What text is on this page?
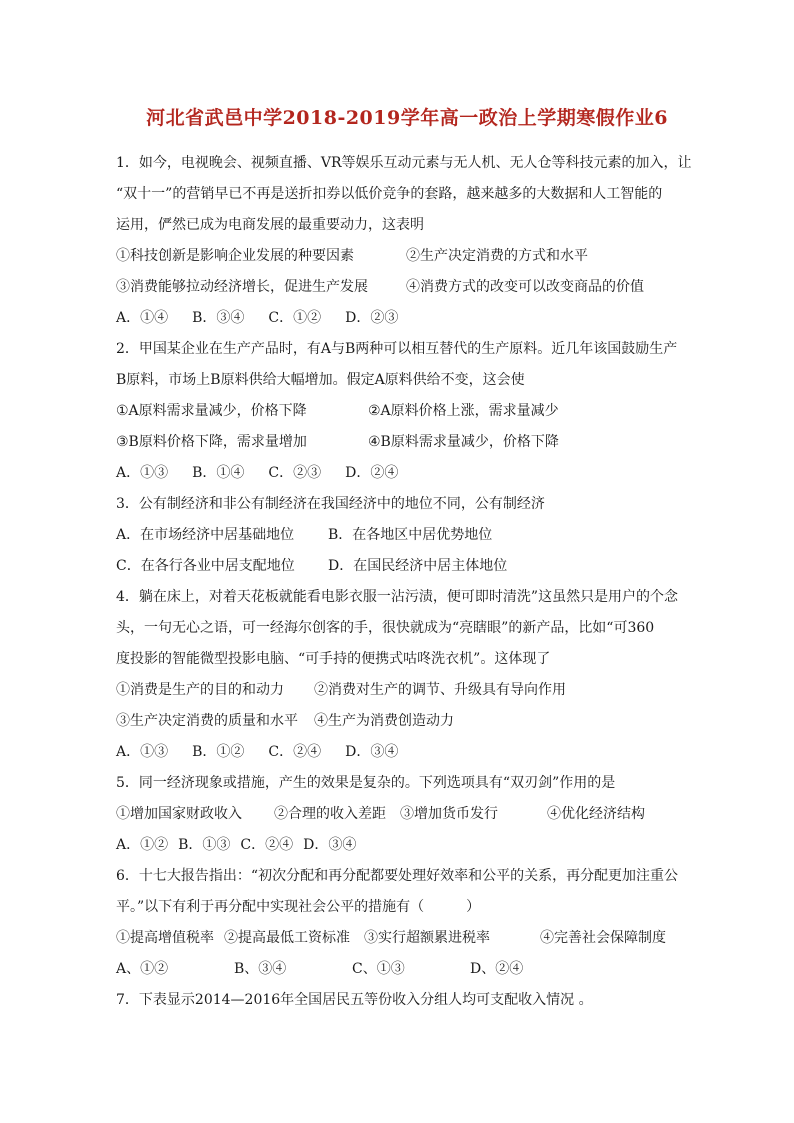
河北省武邑中学2018-2019学年高一政治上学期寒假作业6
1．如今，电视晚会、视频直播、VR等娱乐互动元素与无人机、无人仓等科技元素的加入，让
“双十一”的营销早已不再是送折扣券以低价竞争的套路，越来越多的大数据和人工智能的
运用，俨然已成为电商发展的最重要动力，这表明
①科技创新是影响企业发展的种要因素	②生产决定消费的方式和水平
③消费能够拉动经济增长，促进生产发展	④消费方式的改变可以改变商品的价值
A．①④ B．③④ C．①② D．②③
2．甲国某企业在生产产品时，有A与B两种可以相互替代的生产原料。近几年该国鼓励生产
B原料，市场上B原料供给大幅增加。假定A原料供给不变，这会使
①A原料需求量减少，价格下降	②A原料价格上涨，需求量减少
③B原料价格下降，需求量增加	④B原料需求量减少，价格下降
A．①③ B．①④ C．②③ D．②④
3．公有制经济和非公有制经济在我国经济中的地位不同，公有制经济
A．在市场经济中居基础地位	B．在各地区中居优势地位
C．在各行各业中居支配地位	D．在国民经济中居主体地位
4．躺在床上，对着天花板就能看电影衣服一沾污渍，便可即时清洗”这虽然只是用户的个念
头，一句无心之语，可一经海尔创客的手，很快就成为“亮瞎眼”的新产品，比如“可360
度投影的智能微型投影电脑、“可手持的便携式咕咚洗衣机”。这体现了
①消费是生产的目的和动力	②消费对生产的调节、升级具有导向作用
③生产决定消费的质量和水平	④生产为消费创造动力
A．①③ B．①② C．②④ D．③④
5．同一经济现象或措施，产生的效果是复杂的。下列选项具有“双刃剑”作用的是
①增加国家财政收入	②合理的收入差距	③增加货币发行	④优化经济结构
A．①② B．①③ C．②④ D．③④
6．十七大报告指出：“初次分配和再分配都要处理好效率和公平的关系，再分配更加注重公
平。”以下有利于再分配中实现社会公平的措施有（　　　）
①提高增值税率 ②提高最低工资标准	③实行超额累进税率	④完善社会保障制度
A、①②	B、③④	C、①③	D、②④
7．下表显示2014—2016年全国居民五等份收入分组人均可支配收入情况 。
